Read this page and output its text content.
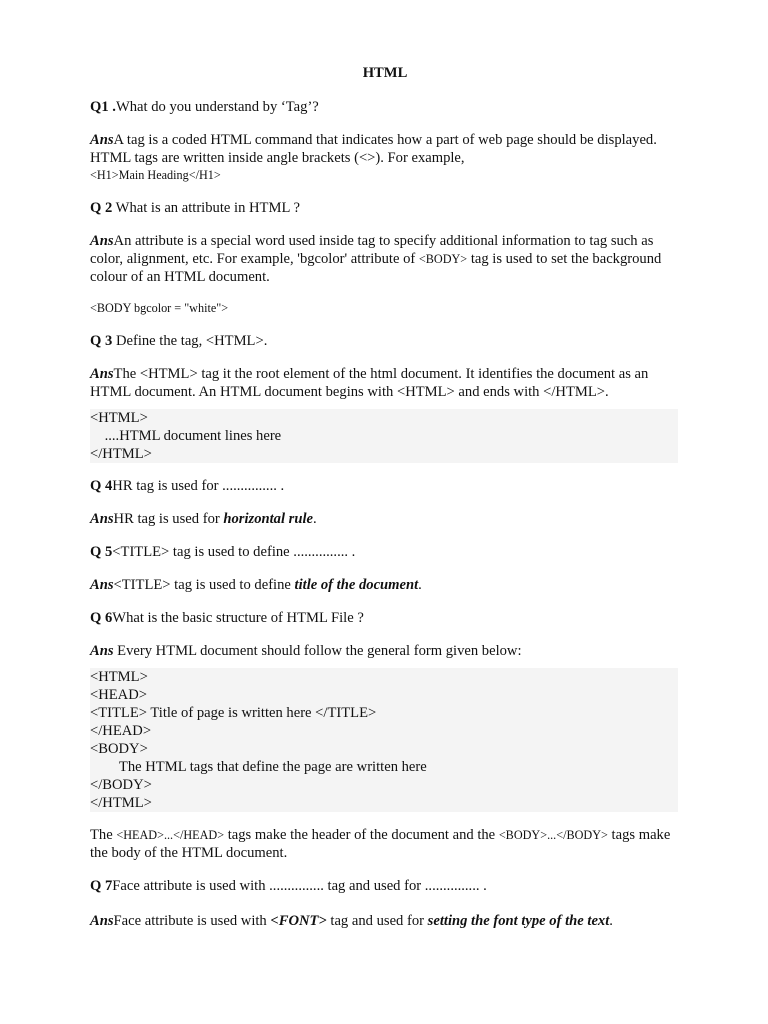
HTML

Q1 .What do you understand by ‘Tag’?

AnsA tag is a coded HTML command that indicates how a part of web page should be displayed. HTML tags are written inside angle brackets (<>). For example,

<H1>Main Heading</H1>

Q 2 What is an attribute in HTML ?

AnsAn attribute is a special word used inside tag to specify additional information to tag such as color, alignment, etc. For example, 'bgcolor' attribute of <BODY> tag is used to set the background colour of an HTML document.

<BODY bgcolor = "white">

Q 3 Define the tag, <HTML>.

AnsThe <HTML> tag it the root element of the html document. It identifies the document as an HTML document. An HTML document begins with <HTML> and ends with </HTML>.

<HTML>
....HTML document lines here
</HTML>

Q 4HR tag is used for ............... .

AnsHR tag is used for horizontal rule.

Q 5<TITLE> tag is used to define ............... .

Ans<TITLE> tag is used to define title of the document.

Q 6What is the basic structure of HTML File ?

Ans Every HTML document should follow the general form given below:

<HTML>
<HEAD>
<TITLE> Title of page is written here </TITLE>
</HEAD>
<BODY>
The HTML tags that define the page are written here
</BODY>
</HTML>

The <HEAD>...</HEAD> tags make the header of the document and the <BODY>...</BODY> tags make the body of the HTML document.

Q 7Face attribute is used with ............... tag and used for ............... .

AnsFace attribute is used with <FONT> tag and used for setting the font type of the text.
